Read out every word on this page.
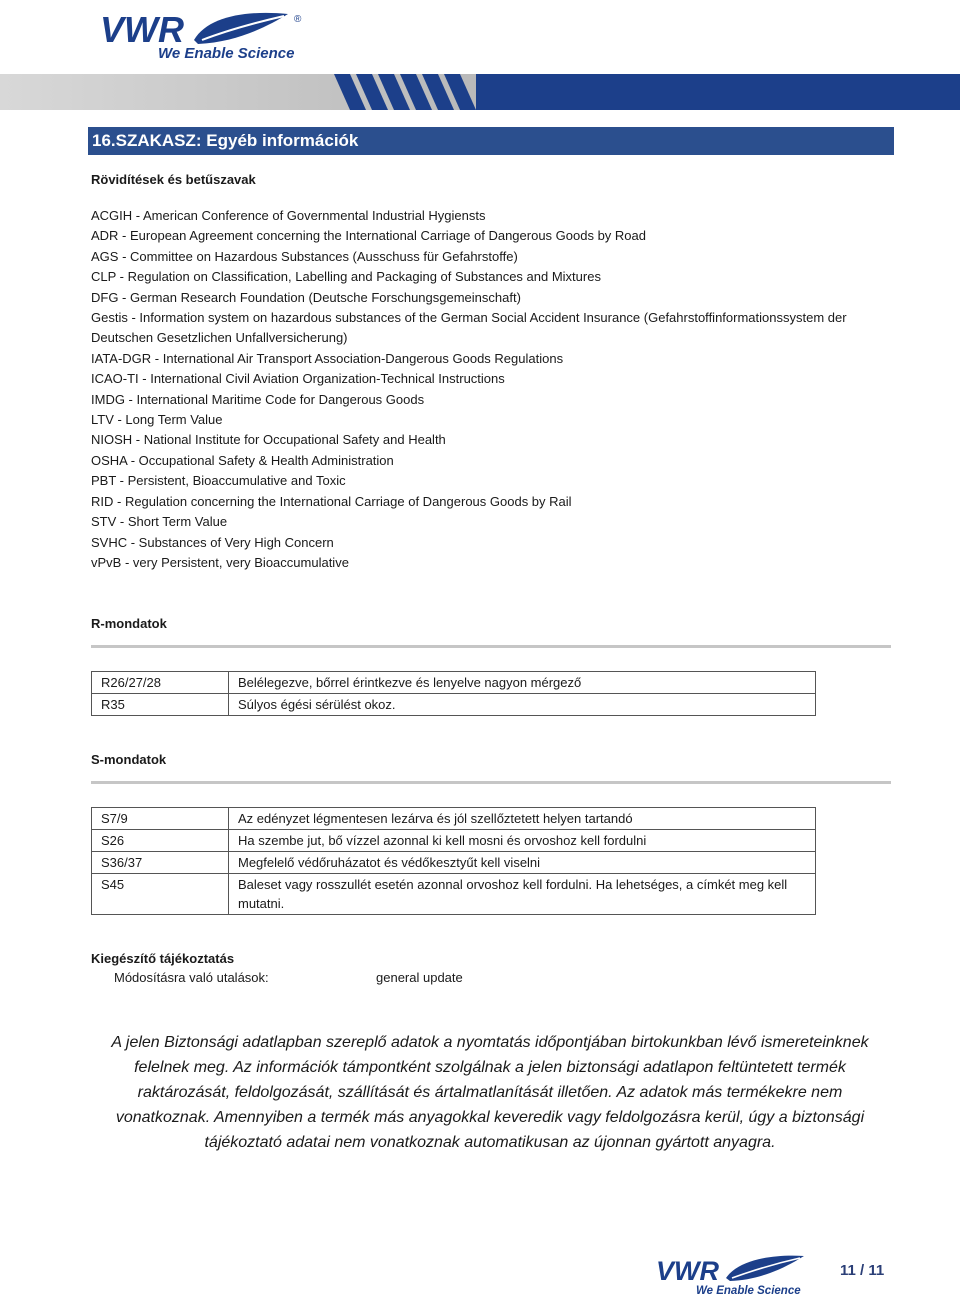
VWR	®
We Enable Science
16.SZAKASZ: Egyéb információk
Rövidítések és betűszavak
ACGIH - American Conference of Governmental Industrial Hygiensts
ADR - European Agreement concerning the International Carriage of Dangerous Goods by Road
AGS - Committee on Hazardous Substances (Ausschuss für Gefahrstoffe)
CLP - Regulation on Classification, Labelling and Packaging of Substances and Mixtures
DFG - German Research Foundation (Deutsche Forschungsgemeinschaft)
Gestis - Information system on hazardous substances of the German Social Accident Insurance (Gefahrstoffinformationssystem der Deutschen Gesetzlichen Unfallversicherung)
IATA-DGR - International Air Transport Association-Dangerous Goods Regulations
ICAO-TI - International Civil Aviation Organization-Technical Instructions
IMDG - International Maritime Code for Dangerous Goods
LTV - Long Term Value
NIOSH - National Institute for Occupational Safety and Health
OSHA - Occupational Safety & Health Administration
PBT - Persistent, Bioaccumulative and Toxic
RID - Regulation concerning the International Carriage of Dangerous Goods by Rail
STV - Short Term Value
SVHC - Substances of Very High Concern
vPvB - very Persistent, very Bioaccumulative
R-mondatok
R26/27/28	Belélegezve, bőrrel érintkezve és lenyelve nagyon mérgező
R35	Súlyos égési sérülést okoz.
S-mondatok
S7/9	Az edényzet légmentesen lezárva és jól szellőztetett helyen tartandó
S26	Ha szembe jut, bő vízzel azonnal ki kell mosni és orvoshoz kell fordulni
S36/37	Megfelelő védőruházatot és védőkesztyűt kell viselni
S45	Baleset vagy rosszullét esetén azonnal orvoshoz kell fordulni. Ha lehetséges, a címkét meg kell mutatni.
Kiegészítő tájékoztatás
Módosításra való utalások:	general update
A jelen Biztonsági adatlapban szereplő adatok a nyomtatás időpontjában birtokunkban lévő ismereteinknek felelnek meg. Az információk támpontként szolgálnak a jelen biztonsági adatlapon feltüntetett termék raktározását, feldolgozását, szállítását és ártalmatlanítását illetően. Az adatok más termékekre nem vonatkoznak. Amennyiben a termék más anyagokkal keveredik vagy feldolgozásra kerül, úgy a biztonsági tájékoztató adatai nem vonatkoznak automatikusan az újonnan gyártott anyagra.
VWR
We Enable Science
11 / 11
